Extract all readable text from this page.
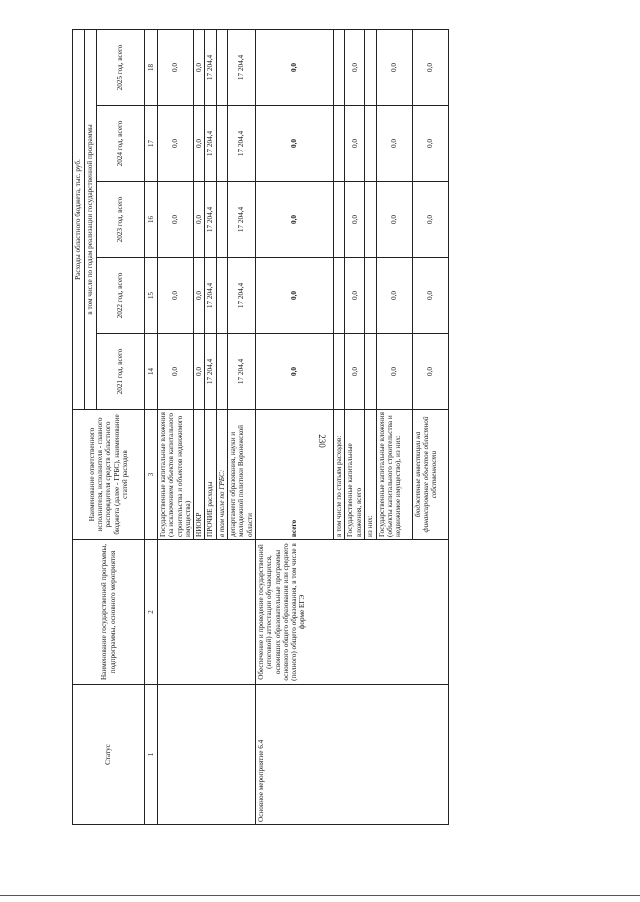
230
Статус	Наименование государственной программы, подпрограммы, основного мероприятия	Наименование ответственного исполнителя, исполнителя - главного распорядителя средств областного бюджета (далее - ГРБС), наименование статей расходов	Расходы областного бюджета, тыс. руб.				
			в том числе по годам реализации государственной программы				
			2021 год, всего	2022 год, всего	2023 год, всего	2024 год, всего	2025 год, всего
1	2	3	14	15	16	17	18
		Государственные капитальные вложения (за исключением объектов капитального строительства и объектов недвижимого имущества)	0,0	0,0	0,0	0,0	0,0
		НИОКР	0,0	0,0	0,0	0,0	0,0
		ПРОЧИЕ расходы	17 204,4	17 204,4	17 204,4	17 204,4	17 204,4
		в том числе по ГРБС:					
		департамент образования, науки и молодежной политики Воронежской области	17 204,4	17 204,4	17 204,4	17 204,4	17 204,4
Основное мероприятие 6.4	Обеспечение и проведение государственной (итоговой) аттестации обучающихся, освоивших образовательные программы основного общего образования или среднего (полного) общего образования, в том числе в форме ЕГЭ	всего	0,0	0,0	0,0	0,0	0,0
		в том числе по статьям расходов:					
		Государственные капитальные вложения, всего	0,0	0,0	0,0	0,0	0,0
		из них:					
		Государственные капитальные вложения (объекты капитального строительства и недвижимое имущество), из них:	0,0	0,0	0,0	0,0	0,0
		бюджетные инвестиции на финансирование объектов областной собственности	0,0	0,0	0,0	0,0	0,0
